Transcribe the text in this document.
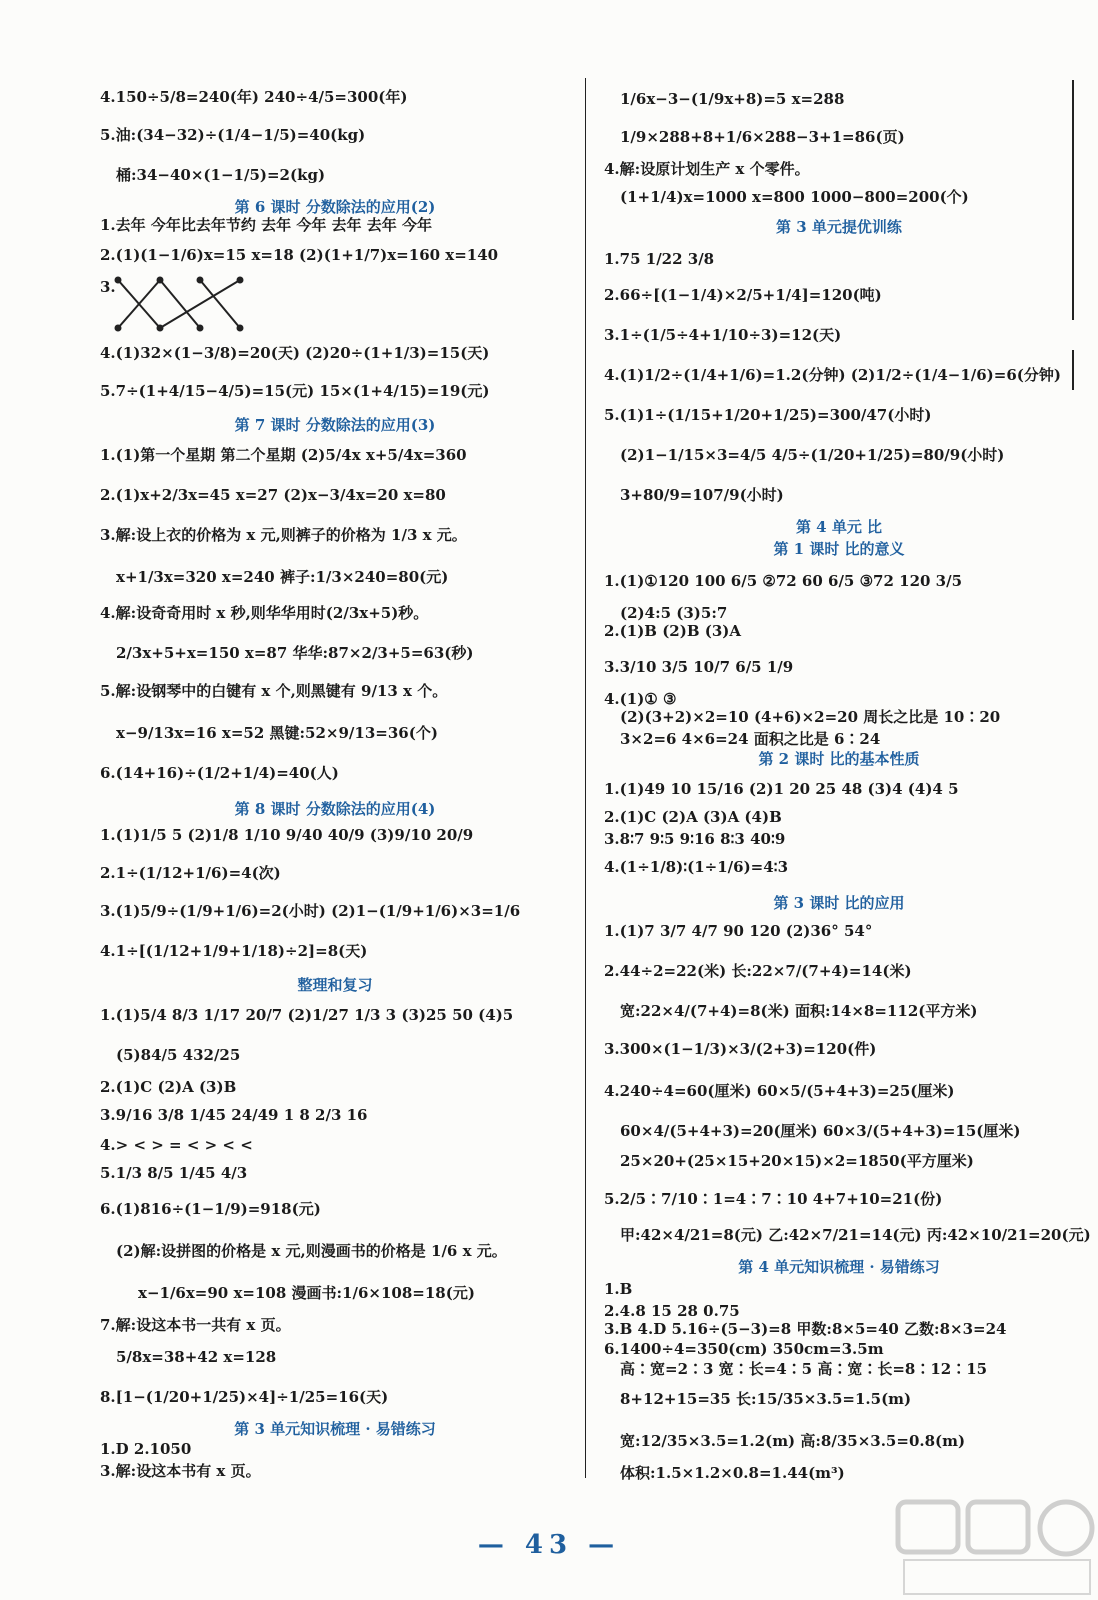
4.150÷5/8=240(年) 240÷4/5=300(年)
5.油:(34−32)÷(1/4−1/5)=40(kg)
桶:34−40×(1−1/5)=2(kg)
第 6 课时 分数除法的应用(2)
1.去年 今年比去年节约 去年 今年 去年 去年 今年
2.(1)(1−1/6)x=15 x=18 (2)(1+1/7)x=160 x=140
3.
4.(1)32×(1−3/8)=20(天) (2)20÷(1+1/3)=15(天)
5.7÷(1+4/15−4/5)=15(元) 15×(1+4/15)=19(元)
第 7 课时 分数除法的应用(3)
1.(1)第一个星期 第二个星期 (2)5/4x x+5/4x=360
2.(1)x+2/3x=45 x=27 (2)x−3/4x=20 x=80
3.解:设上衣的价格为 x 元,则裤子的价格为 1/3 x 元。
x+1/3x=320 x=240 裤子:1/3×240=80(元)
4.解:设奇奇用时 x 秒,则华华用时(2/3x+5)秒。
2/3x+5+x=150 x=87 华华:87×2/3+5=63(秒)
5.解:设钢琴中的白键有 x 个,则黑键有 9/13 x 个。
x−9/13x=16 x=52 黑键:52×9/13=36(个)
6.(14+16)÷(1/2+1/4)=40(人)
第 8 课时 分数除法的应用(4)
1.(1)1/5 5 (2)1/8 1/10 9/40 40/9 (3)9/10 20/9
2.1÷(1/12+1/6)=4(次)
3.(1)5/9÷(1/9+1/6)=2(小时) (2)1−(1/9+1/6)×3=1/6
4.1÷[(1/12+1/9+1/18)÷2]=8(天)
整理和复习
1.(1)5/4 8/3 1/17 20/7 (2)1/27 1/3 3 (3)25 50 (4)5
(5)84/5 432/25
2.(1)C (2)A (3)B
3.9/16 3/8 1/45 24/49 1 8 2/3 16
4.> < > = < > < <
5.1/3 8/5 1/45 4/3
6.(1)816÷(1−1/9)=918(元)
(2)解:设拼图的价格是 x 元,则漫画书的价格是 1/6 x 元。
x−1/6x=90 x=108 漫画书:1/6×108=18(元)
7.解:设这本书一共有 x 页。
5/8x=38+42 x=128
8.[1−(1/20+1/25)×4]÷1/25=16(天)
第 3 单元知识梳理 · 易错练习
1.D 2.1050
3.解:设这本书有 x 页。
1/6x−3−(1/9x+8)=5 x=288
1/9×288+8+1/6×288−3+1=86(页)
4.解:设原计划生产 x 个零件。
(1+1/4)x=1000 x=800 1000−800=200(个)
第 3 单元提优训练
1.75 1/22 3/8
2.66÷[(1−1/4)×2/5+1/4]=120(吨)
3.1÷(1/5÷4+1/10÷3)=12(天)
4.(1)1/2÷(1/4+1/6)=1.2(分钟) (2)1/2÷(1/4−1/6)=6(分钟)
5.(1)1÷(1/15+1/20+1/25)=300/47(小时)
(2)1−1/15×3=4/5 4/5÷(1/20+1/25)=80/9(小时)
3+80/9=107/9(小时)
第 4 单元 比
第 1 课时 比的意义
1.(1)①120 100 6/5 ②72 60 6/5 ③72 120 3/5
(2)4:5 (3)5:7
2.(1)B (2)B (3)A
3.3/10 3/5 10/7 6/5 1/9
4.(1)① ③
(2)(3+2)×2=10 (4+6)×2=20 周长之比是 10∶20
3×2=6 4×6=24 面积之比是 6∶24
第 2 课时 比的基本性质
1.(1)49 10 15/16 (2)1 20 25 48 (3)4 (4)4 5
2.(1)C (2)A (3)A (4)B
3.8∶7 9∶5 9∶16 8∶3 40∶9
4.(1÷1/8)∶(1÷1/6)=4∶3
第 3 课时 比的应用
1.(1)7 3/7 4/7 90 120 (2)36° 54°
2.44÷2=22(米) 长:22×7/(7+4)=14(米)
宽:22×4/(7+4)=8(米) 面积:14×8=112(平方米)
3.300×(1−1/3)×3/(2+3)=120(件)
4.240÷4=60(厘米) 60×5/(5+4+3)=25(厘米)
60×4/(5+4+3)=20(厘米) 60×3/(5+4+3)=15(厘米)
25×20+(25×15+20×15)×2=1850(平方厘米)
5.2/5∶7/10∶1=4∶7∶10 4+7+10=21(份)
甲:42×4/21=8(元) 乙:42×7/21=14(元) 丙:42×10/21=20(元)
第 4 单元知识梳理 · 易错练习
1.B
2.4.8 15 28 0.75
3.B 4.D 5.16÷(5−3)=8 甲数:8×5=40 乙数:8×3=24
6.1400÷4=350(cm) 350cm=3.5m
高∶宽=2∶3 宽∶长=4∶5 高∶宽∶长=8∶12∶15
8+12+15=35 长:15/35×3.5=1.5(m)
宽:12/35×3.5=1.2(m) 高:8/35×3.5=0.8(m)
体积:1.5×1.2×0.8=1.44(m³)
— 43 —
